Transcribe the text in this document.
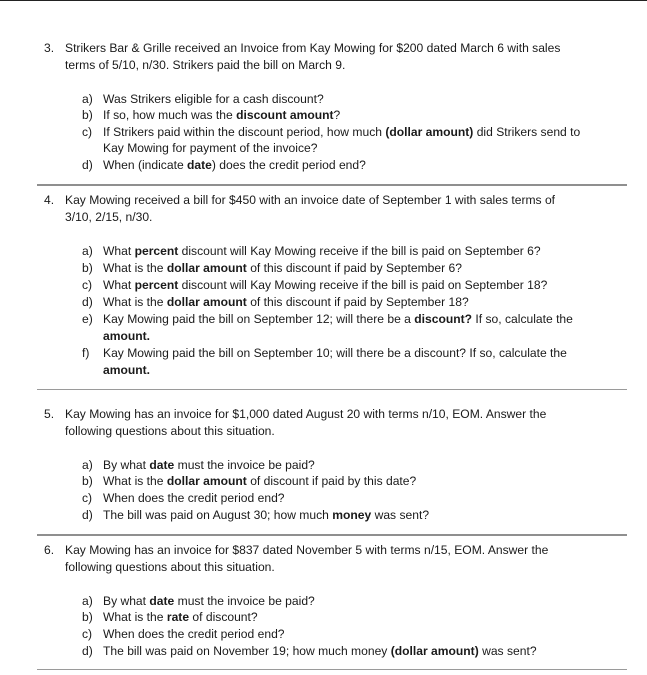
3. Strikers Bar & Grille received an Invoice from Kay Mowing for $200 dated March 6 with sales
terms of 5/10, n/30. Strikers paid the bill on March 9.
a) Was Strikers eligible for a cash discount?
b) If so, how much was the discount amount?
c) If Strikers paid within the discount period, how much (dollar amount) did Strikers send to
Kay Mowing for payment of the invoice?
d) When (indicate date) does the credit period end?
4. Kay Mowing received a bill for $450 with an invoice date of September 1 with sales terms of
3/10, 2/15, n/30.
a) What percent discount will Kay Mowing receive if the bill is paid on September 6?
b) What is the dollar amount of this discount if paid by September 6?
c) What percent discount will Kay Mowing receive if the bill is paid on September 18?
d) What is the dollar amount of this discount if paid by September 18?
e) Kay Mowing paid the bill on September 12; will there be a discount? If so, calculate the
amount.
f) Kay Mowing paid the bill on September 10; will there be a discount? If so, calculate the
amount.
5. Kay Mowing has an invoice for $1,000 dated August 20 with terms n/10, EOM. Answer the
following questions about this situation.
a) By what date must the invoice be paid?
b) What is the dollar amount of discount if paid by this date?
c) When does the credit period end?
d) The bill was paid on August 30; how much money was sent?
6. Kay Mowing has an invoice for $837 dated November 5 with terms n/15, EOM. Answer the
following questions about this situation.
a) By what date must the invoice be paid?
b) What is the rate of discount?
c) When does the credit period end?
d) The bill was paid on November 19; how much money (dollar amount) was sent?
